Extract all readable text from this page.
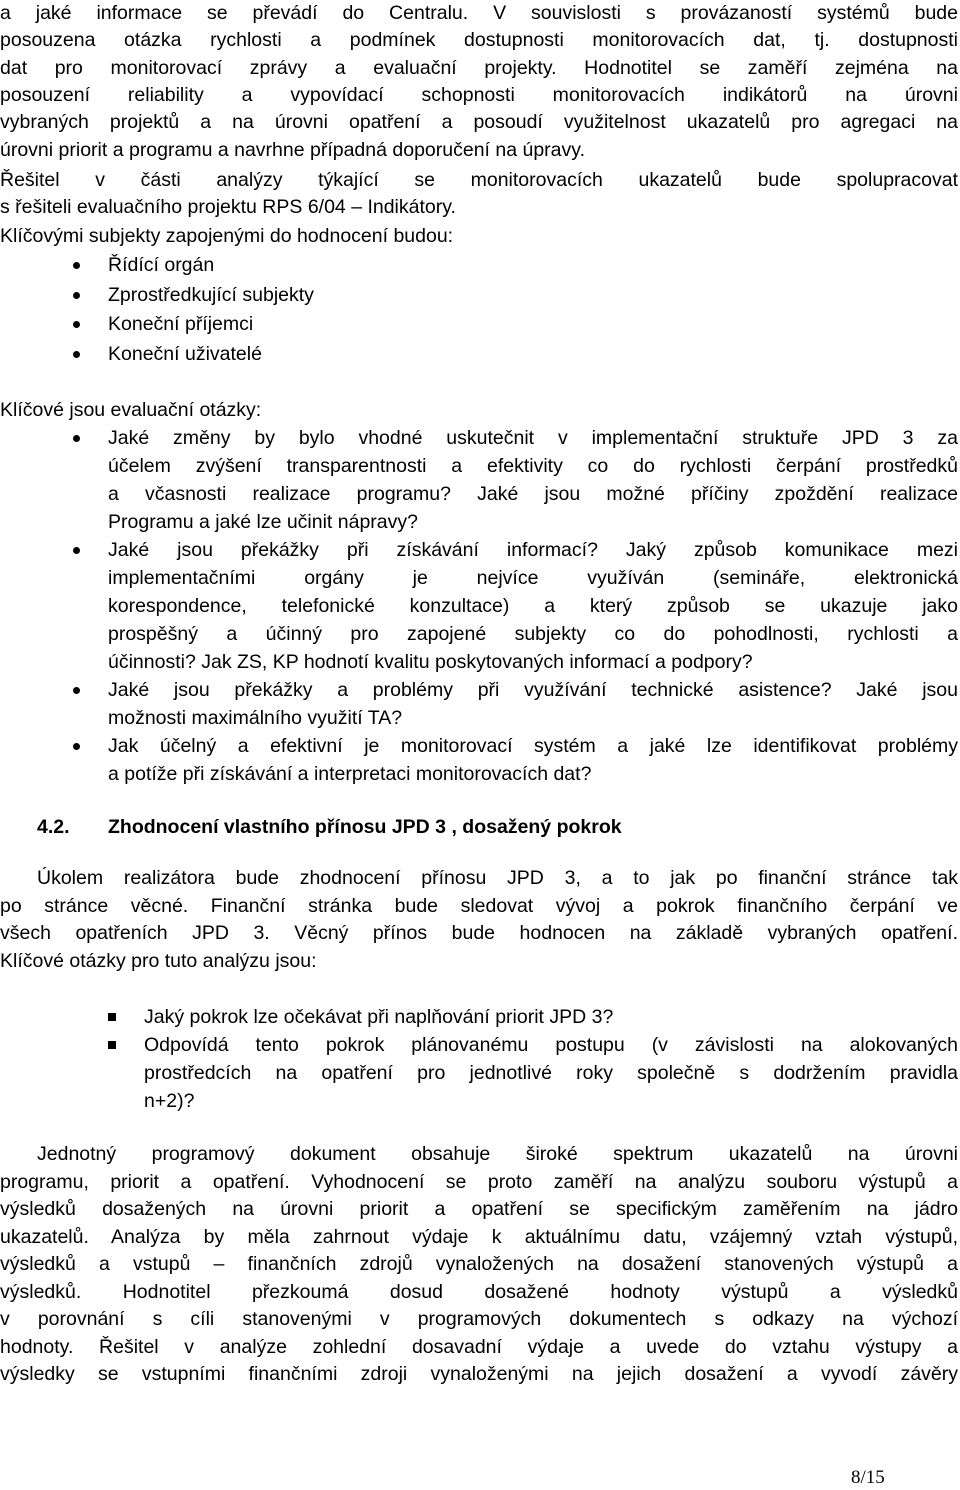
a jaké informace se převádí do Centralu. V souvislosti s provázaností systémů bude
posouzena otázka rychlosti a podmínek dostupnosti monitorovacích dat, tj. dostupnosti
dat pro monitorovací zprávy a evaluační projekty. Hodnotitel se zaměří zejména na
posouzení reliability a vypovídací schopnosti monitorovacích indikátorů na úrovni
vybraných projektů a na úrovni opatření a posoudí využitelnost ukazatelů pro agregaci na
úrovni priorit a programu a navrhne případná doporučení na úpravy.
Řešitel v části analýzy týkající se monitorovacích ukazatelů bude spolupracovat
s řešiteli evaluačního projektu RPS 6/04 – Indikátory.
Klíčovými subjekty zapojenými do hodnocení budou:
Řídící orgán
Zprostředkující subjekty
Koneční příjemci
Koneční uživatelé
Klíčové jsou evaluační otázky:
Jaké změny by bylo vhodné uskutečnit v implementační struktuře JPD 3 za
účelem zvýšení transparentnosti a efektivity co do rychlosti čerpání prostředků
a včasnosti realizace programu? Jaké jsou možné příčiny zpoždění realizace
Programu a jaké lze učinit nápravy?
Jaké jsou překážky při získávání informací? Jaký způsob komunikace mezi
implementačními orgány je nejvíce využíván (semináře, elektronická
korespondence, telefonické konzultace) a který způsob se ukazuje jako
prospěšný a účinný pro zapojené subjekty co do pohodlnosti, rychlosti a
účinnosti? Jak ZS, KP hodnotí kvalitu poskytovaných informací a podpory?
Jaké jsou překážky a problémy při využívání technické asistence? Jaké jsou
možnosti maximálního využití TA?
Jak účelný a efektivní je monitorovací systém a jaké lze identifikovat problémy
a potíže při získávání a interpretaci monitorovacích dat?
4.2. Zhodnocení vlastního přínosu JPD 3 , dosažený pokrok
Úkolem realizátora bude zhodnocení přínosu JPD 3, a to jak po finanční stránce tak
po stránce věcné. Finanční stránka bude sledovat vývoj a pokrok finančního čerpání ve
všech opatřeních JPD 3. Věcný přínos bude hodnocen na základě vybraných opatření.
Klíčové otázky pro tuto analýzu jsou:
Jaký pokrok lze očekávat při naplňování priorit JPD 3?
Odpovídá tento pokrok plánovanému postupu (v závislosti na alokovaných
prostředcích na opatření pro jednotlivé roky společně s dodržením pravidla
n+2)?
Jednotný programový dokument obsahuje široké spektrum ukazatelů na úrovni
programu, priorit a opatření. Vyhodnocení se proto zaměří na analýzu souboru výstupů a
výsledků dosažených na úrovni priorit a opatření se specifickým zaměřením na jádro
ukazatelů. Analýza by měla zahrnout výdaje k aktuálnímu datu, vzájemný vztah výstupů,
výsledků a vstupů – finančních zdrojů vynaložených na dosažení stanovených výstupů a
výsledků. Hodnotitel přezkoumá dosud dosažené hodnoty výstupů a výsledků
v porovnání s cíli stanovenými v programových dokumentech s odkazy na výchozí
hodnoty. Řešitel v analýze zohlední dosavadní výdaje a uvede do vztahu výstupy a
výsledky se vstupními finančními zdroji vynaloženými na jejich dosažení a vyvodí závěry
8/15
